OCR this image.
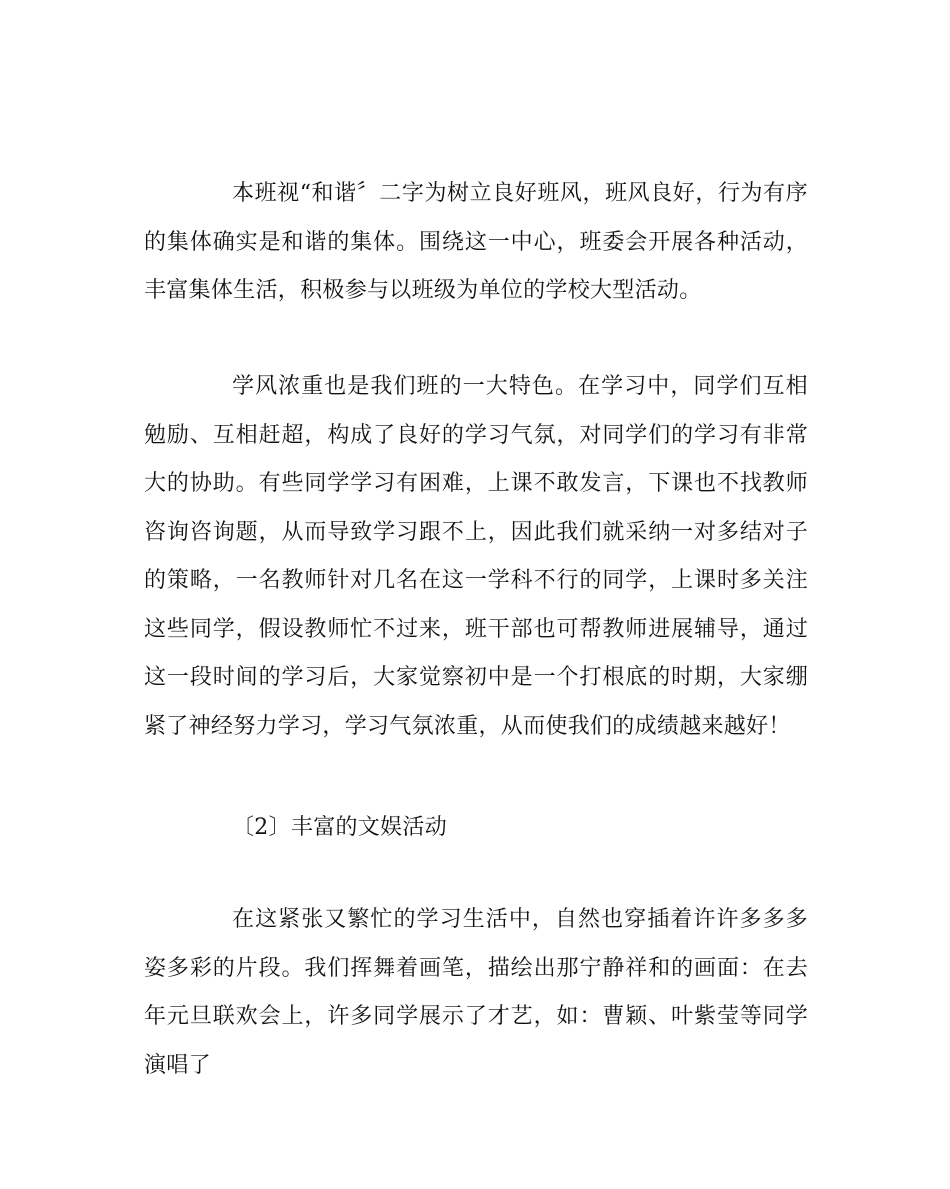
本班视“和谐〞二字为树立良好班风，班风良好，行为有序的集体确实是和谐的集体。围绕这一中心，班委会开展各种活动，丰富集体生活，积极参与以班级为单位的学校大型活动。

学风浓重也是我们班的一大特色。在学习中，同学们互相勉励、互相赶超，构成了良好的学习气氛，对同学们的学习有非常大的协助。有些同学学习有困难，上课不敢发言，下课也不找教师咨询咨询题，从而导致学习跟不上，因此我们就采纳一对多结对子的策略，一名教师针对几名在这一学科不行的同学，上课时多关注这些同学，假设教师忙不过来，班干部也可帮教师进展辅导，通过这一段时间的学习后，大家觉察初中是一个打根底的时期，大家绷紧了神经努力学习，学习气氛浓重，从而使我们的成绩越来越好！

〔2〕丰富的文娱活动

在这紧张又繁忙的学习生活中，自然也穿插着许许多多多姿多彩的片段。我们挥舞着画笔，描绘出那宁静祥和的画面：在去年元旦联欢会上，许多同学展示了才艺，如：曹颖、叶紫莹等同学演唱了
